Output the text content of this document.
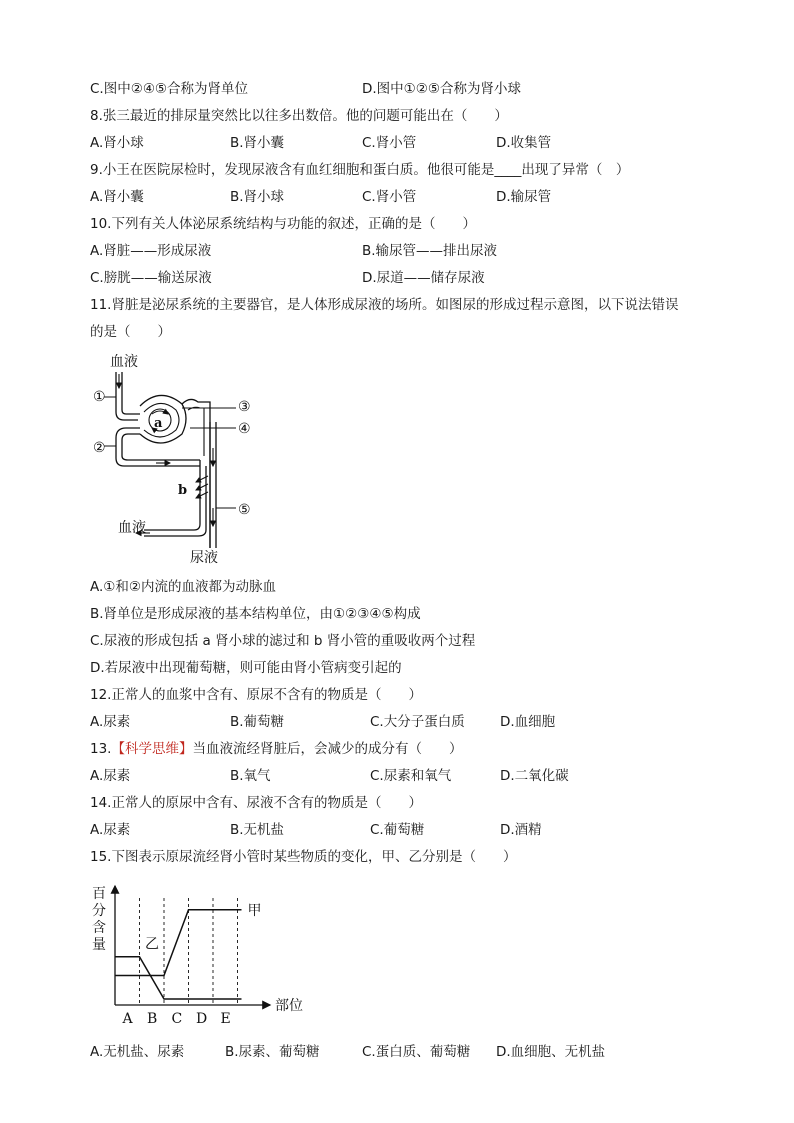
C.图中②④⑤合称为肾单位	D.图中①②⑤合称为肾小球
8.张三最近的排尿量突然比以往多出数倍。他的问题可能出在（　　）
A.肾小球	B.肾小囊	C.肾小管	D.收集管
9.小王在医院尿检时，发现尿液含有血红细胞和蛋白质。他很可能是____出现了异常（　）
A.肾小囊	B.肾小球	C.肾小管	D.输尿管
10.下列有关人体泌尿系统结构与功能的叙述，正确的是（　　）
A.肾脏——形成尿液	B.输尿管——排出尿液
C.膀胱——输送尿液	D.尿道——储存尿液
11.肾脏是泌尿系统的主要器官，是人体形成尿液的场所。如图尿的形成过程示意图，以下说法错误
的是（　　）
血液
①
②
③
④
⑤
a
b
血液
尿液
A.①和②内流的血液都为动脉血
B.肾单位是形成尿液的基本结构单位，由①②③④⑤构成
C.尿液的形成包括 a 肾小球的滤过和 b 肾小管的重吸收两个过程
D.若尿液中出现葡萄糖，则可能由肾小管病变引起的
12.正常人的血浆中含有、原尿不含有的物质是（　　）
A.尿素	B.葡萄糖	C.大分子蛋白质	D.血细胞
13.【科学思维】当血液流经肾脏后，会减少的成分有（　　）
A.尿素	B.氧气	C.尿素和氧气	D.二氧化碳
14.正常人的原尿中含有、尿液不含有的物质是（　　）
A.尿素	B.无机盐	C.葡萄糖	D.酒精
15.下图表示原尿流经肾小管时某些物质的变化，甲、乙分别是（　　）
百
分
含
量
部位
A B C D E
甲
乙
A.无机盐、尿素	B.尿素、葡萄糖	C.蛋白质、葡萄糖 D.血细胞、无机盐
